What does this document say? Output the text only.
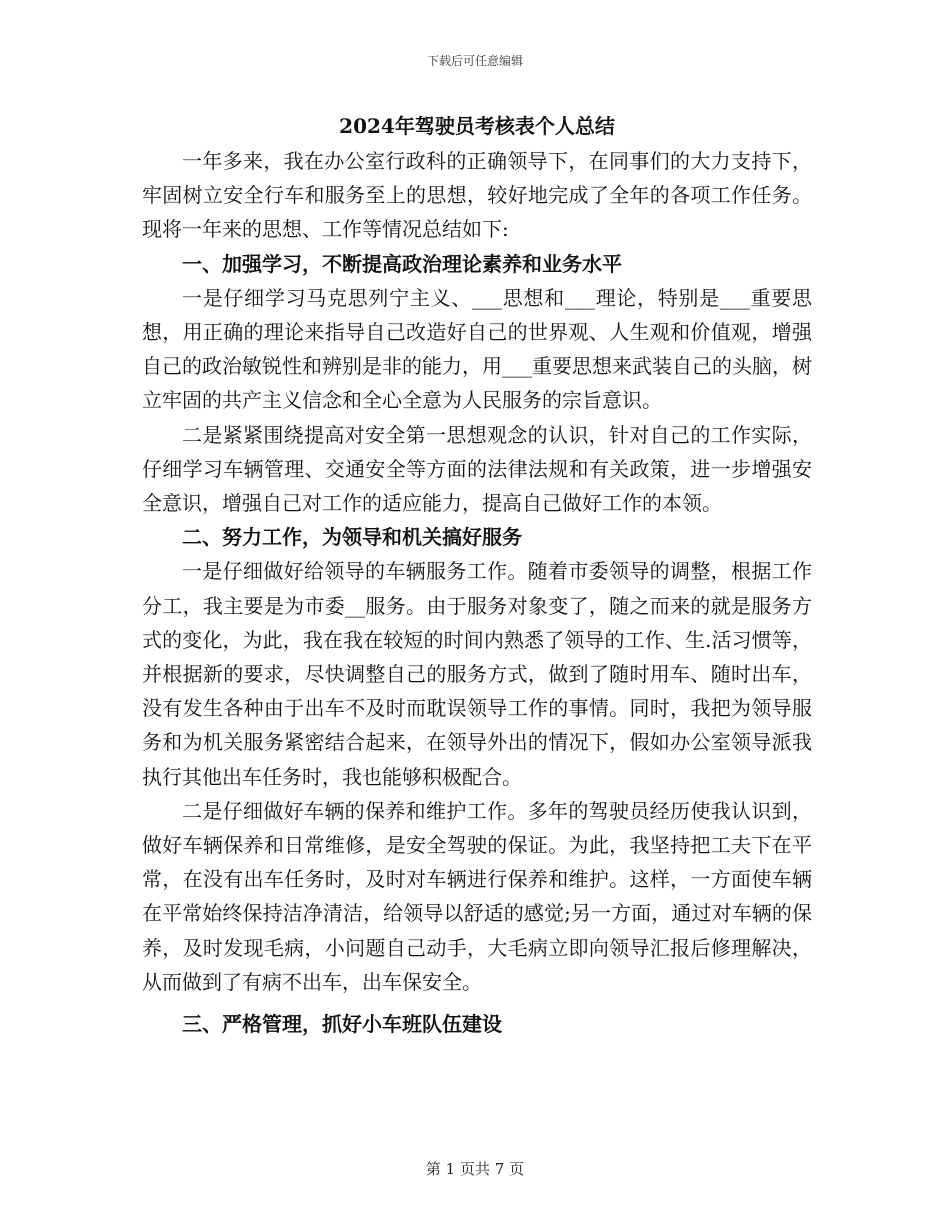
下载后可任意编辑
2024年驾驶员考核表个人总结

一年多来，我在办公室行政科的正确领导下，在同事们的大力支持下，牢固树立安全行车和服务至上的思想，较好地完成了全年的各项工作任务。现将一年来的思想、工作等情况总结如下:

一、加强学习，不断提高政治理论素养和业务水平

一是仔细学习马克思列宁主义、___思想和___理论，特别是___重要思想，用正确的理论来指导自己改造好自己的世界观、人生观和价值观，增强自己的政治敏锐性和辨别是非的能力，用___重要思想来武装自己的头脑，树立牢固的共产主义信念和全心全意为人民服务的宗旨意识。

二是紧紧围绕提高对安全第一思想观念的认识，针对自己的工作实际，仔细学习车辆管理、交通安全等方面的法律法规和有关政策，进一步增强安全意识，增强自己对工作的适应能力，提高自己做好工作的本领。

二、努力工作，为领导和机关搞好服务

一是仔细做好给领导的车辆服务工作。随着市委领导的调整，根据工作分工，我主要是为市委__服务。由于服务对象变了，随之而来的就是服务方式的变化，为此，我在我在较短的时间内熟悉了领导的工作、生.活习惯等，并根据新的要求，尽快调整自己的服务方式，做到了随时用车、随时出车，没有发生各种由于出车不及时而耽误领导工作的事情。同时，我把为领导服务和为机关服务紧密结合起来，在领导外出的情况下，假如办公室领导派我执行其他出车任务时，我也能够积极配合。

二是仔细做好车辆的保养和维护工作。多年的驾驶员经历使我认识到，做好车辆保养和日常维修，是安全驾驶的保证。为此，我坚持把工夫下在平常，在没有出车任务时，及时对车辆进行保养和维护。这样，一方面使车辆在平常始终保持洁净清洁，给领导以舒适的感觉;另一方面，通过对车辆的保养，及时发现毛病，小问题自己动手，大毛病立即向领导汇报后修理解决，从而做到了有病不出车，出车保安全。

三、严格管理，抓好小车班队伍建设

第 1 页共 7 页
